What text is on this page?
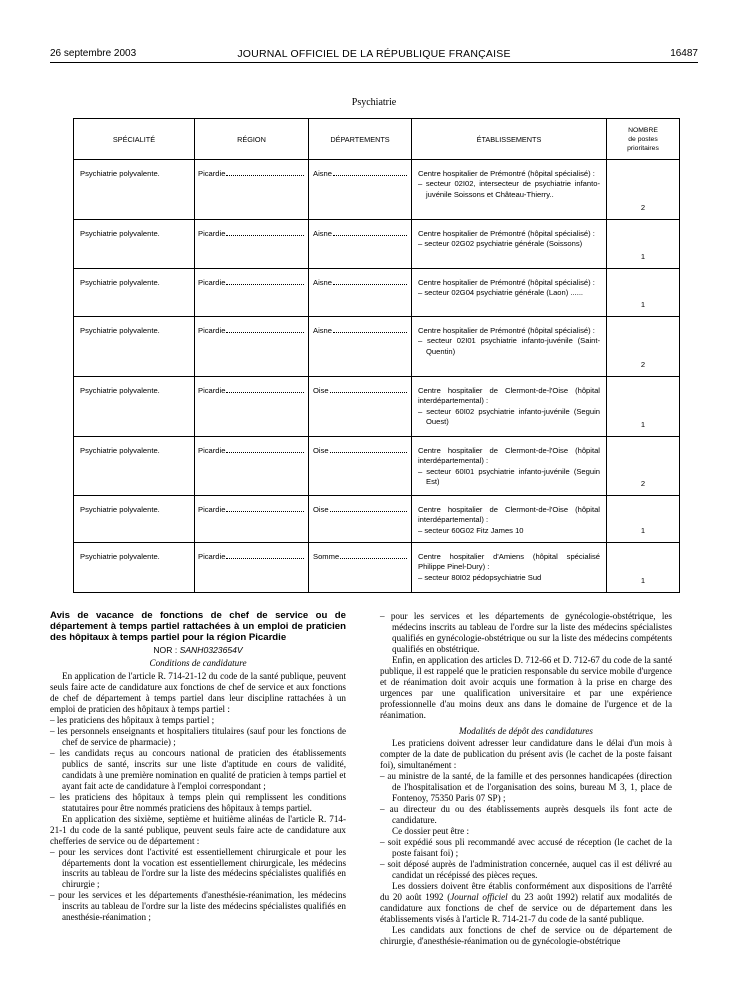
26 septembre 2003	JOURNAL OFFICIEL DE LA RÉPUBLIQUE FRANÇAISE	16487
Psychiatrie
SPÉCIALITÉ	RÉGION	DÉPARTEMENTS	ÉTABLISSEMENTS	NOMBRE
de postes
prioritaires
Psychiatrie polyvalente.	Picardie	Aisne	Centre hospitalier de Prémontré (hôpital spécialisé) :
– secteur 02I02, intersecteur de psychiatrie infanto-juvénile Soissons et Château-Thierry..	2

Psychiatrie polyvalente.	Picardie	Aisne	Centre hospitalier de Prémontré (hôpital spécialisé) :
– secteur 02G02 psychiatrie générale (Soissons)	1

Psychiatrie polyvalente.	Picardie	Aisne	Centre hospitalier de Prémontré (hôpital spécialisé) :
– secteur 02G04 psychiatrie générale (Laon) ......	1

Psychiatrie polyvalente.	Picardie	Aisne	Centre hospitalier de Prémontré (hôpital spécialisé) :
– secteur 02I01 psychiatrie infanto-juvénile (Saint-Quentin)	2

Psychiatrie polyvalente.	Picardie	Oise	Centre hospitalier de Clermont-de-l'Oise (hôpital interdépartemental) :
– secteur 60I02 psychiatrie infanto-juvénile (Seguin Ouest)	1

Psychiatrie polyvalente.	Picardie	Oise	Centre hospitalier de Clermont-de-l'Oise (hôpital interdépartemental) :
– secteur 60I01 psychiatrie infanto-juvénile (Seguin Est)	2

Psychiatrie polyvalente.	Picardie	Oise	Centre hospitalier de Clermont-de-l'Oise (hôpital interdépartemental) :
– secteur 60G02 Fitz James 10	1

Psychiatrie polyvalente.	Picardie	Somme	Centre hospitalier d'Amiens (hôpital spécialisé Philippe Pinel-Dury) :
– secteur 80I02 pédopsychiatrie Sud	1

Avis de vacance de fonctions de chef de service ou de département à temps partiel rattachées à un emploi de praticien des hôpitaux à temps partiel pour la région Picardie

NOR : SANH0323654V

Conditions de candidature

En application de l'article R. 714-21-12 du code de la santé publique, peuvent seuls faire acte de candidature aux fonctions de chef de service et aux fonctions de chef de département à temps partiel dans leur discipline rattachées à un emploi de praticien des hôpitaux à temps partiel :

– les praticiens des hôpitaux à temps partiel ;

– les personnels enseignants et hospitaliers titulaires (sauf pour les fonctions de chef de service de pharmacie) ;

– les candidats reçus au concours national de praticien des établissements publics de santé, inscrits sur une liste d'aptitude en cours de validité, candidats à une première nomination en qualité de praticien à temps partiel et ayant fait acte de candidature à l'emploi correspondant ;

– les praticiens des hôpitaux à temps plein qui remplissent les conditions statutaires pour être nommés praticiens des hôpitaux à temps partiel.

En application des sixième, septième et huitième alinéas de l'article R. 714-21-1 du code de la santé publique, peuvent seuls faire acte de candidature aux chefferies de service ou de département :

– pour les services dont l'activité est essentiellement chirurgicale et pour les départements dont la vocation est essentiellement chirurgicale, les médecins inscrits au tableau de l'ordre sur la liste des médecins spécialistes qualifiés en chirurgie ;

– pour les services et les départements d'anesthésie-réanimation, les médecins inscrits au tableau de l'ordre sur la liste des médecins spécialistes qualifiés en anesthésie-réanimation ;

– pour les services et les départements de gynécologie-obstétrique, les médecins inscrits au tableau de l'ordre sur la liste des médecins spécialistes qualifiés en gynécologie-obstétrique ou sur la liste des médecins compétents qualifiés en obstétrique.

Enfin, en application des articles D. 712-66 et D. 712-67 du code de la santé publique, il est rappelé que le praticien responsable du service mobile d'urgence et de réanimation doit avoir acquis une formation à la prise en charge des urgences par une qualification universitaire et par une expérience professionnelle d'au moins deux ans dans le domaine de l'urgence et de la réanimation.

Modalités de dépôt des candidatures

Les praticiens doivent adresser leur candidature dans le délai d'un mois à compter de la date de publication du présent avis (le cachet de la poste faisant foi), simultanément :

– au ministre de la santé, de la famille et des personnes handicapées (direction de l'hospitalisation et de l'organisation des soins, bureau M 3, 1, place de Fontenoy, 75350 Paris 07 SP) ;

– au directeur du ou des établissements auprès desquels ils font acte de candidature.

Ce dossier peut être :

– soit expédié sous pli recommandé avec accusé de réception (le cachet de la poste faisant foi) ;

– soit déposé auprès de l'administration concernée, auquel cas il est délivré au candidat un récépissé des pièces reçues.

Les dossiers doivent être établis conformément aux dispositions de l'arrêté du 20 août 1992 (Journal officiel du 23 août 1992) relatif aux modalités de candidature aux fonctions de chef de service ou de département dans les établissements visés à l'article R. 714-21-7 du code de la santé publique.

Les candidats aux fonctions de chef de service ou de département de chirurgie, d'anesthésie-réanimation ou de gynécologie-obstétrique
